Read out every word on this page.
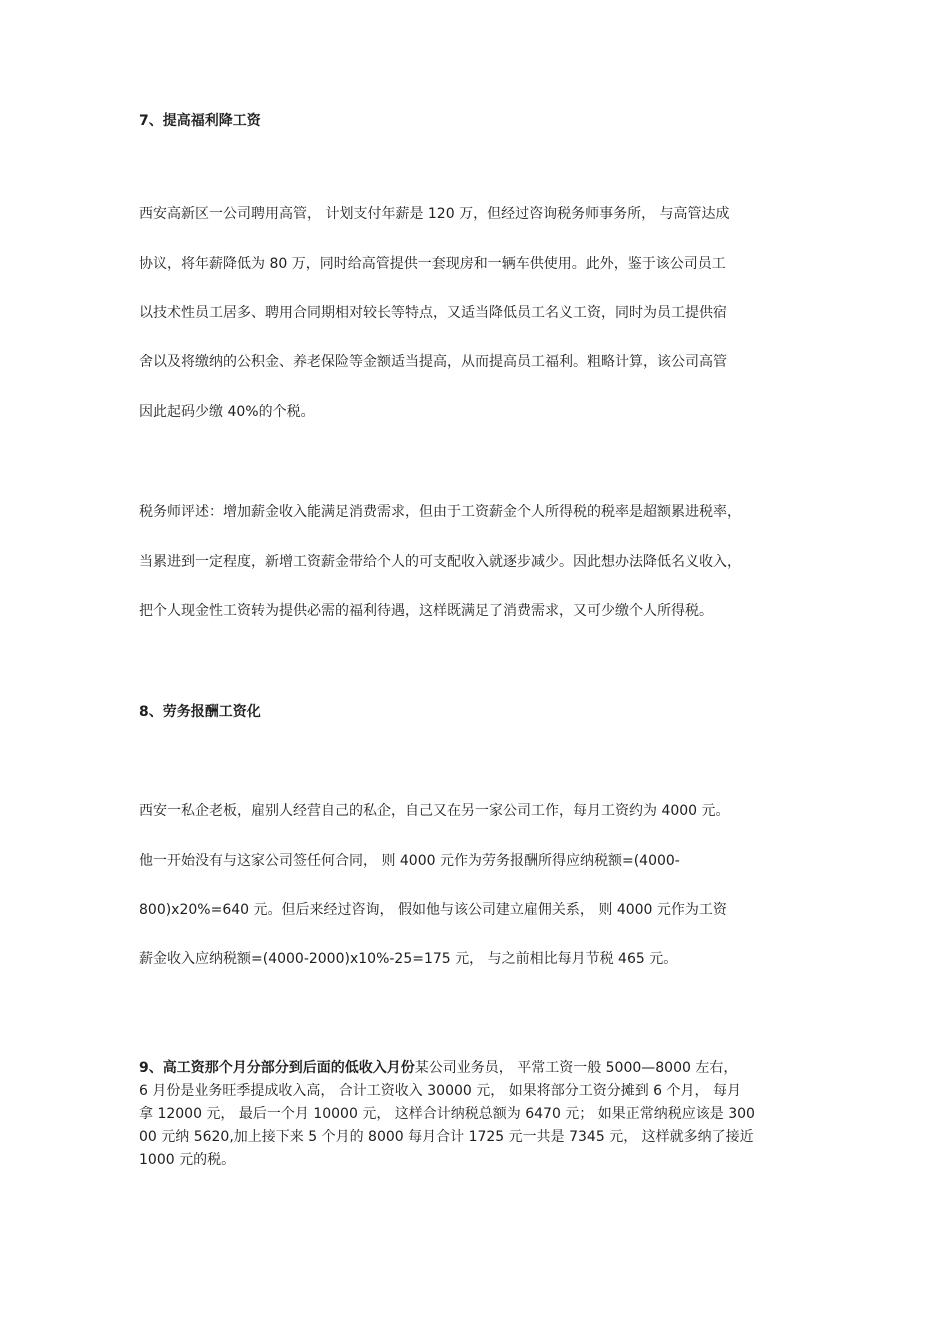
7、提高福利降工资

西安高新区一公司聘用高管， 计划支付年薪是 120 万，但经过咨询税务师事务所， 与高管达成

协议，将年薪降低为 80 万，同时给高管提供一套现房和一辆车供使用。此外，鉴于该公司员工

以技术性员工居多、聘用合同期相对较长等特点，又适当降低员工名义工资，同时为员工提供宿

舍以及将缴纳的公积金、养老保险等金额适当提高，从而提高员工福利。粗略计算，该公司高管

因此起码少缴 40%的个税。

税务师评述：增加薪金收入能满足消费需求，但由于工资薪金个人所得税的税率是超额累进税率，

当累进到一定程度，新增工资薪金带给个人的可支配收入就逐步减少。因此想办法降低名义收入，

把个人现金性工资转为提供必需的福利待遇，这样既满足了消费需求，又可少缴个人所得税。

8、劳务报酬工资化

西安一私企老板，雇别人经营自己的私企，自己又在另一家公司工作，每月工资约为 4000 元。

他一开始没有与这家公司签任何合同， 则 4000 元作为劳务报酬所得应纳税额=(4000-

800)x20%=640 元。但后来经过咨询， 假如他与该公司建立雇佣关系， 则 4000 元作为工资

薪金收入应纳税额=(4000-2000)x10%-25=175 元， 与之前相比每月节税 465 元。

9、高工资那个月分部分到后面的低收入月份某公司业务员， 平常工资一般 5000—8000 左右，

6 月份是业务旺季提成收入高， 合计工资收入 30000 元， 如果将部分工资分摊到 6 个月， 每月

拿 12000 元， 最后一个月 10000 元， 这样合计纳税总额为 6470 元； 如果正常纳税应该是 300

00 元纳 5620,加上接下来 5 个月的 8000 每月合计 1725 元一共是 7345 元， 这样就多纳了接近

1000 元的税。
